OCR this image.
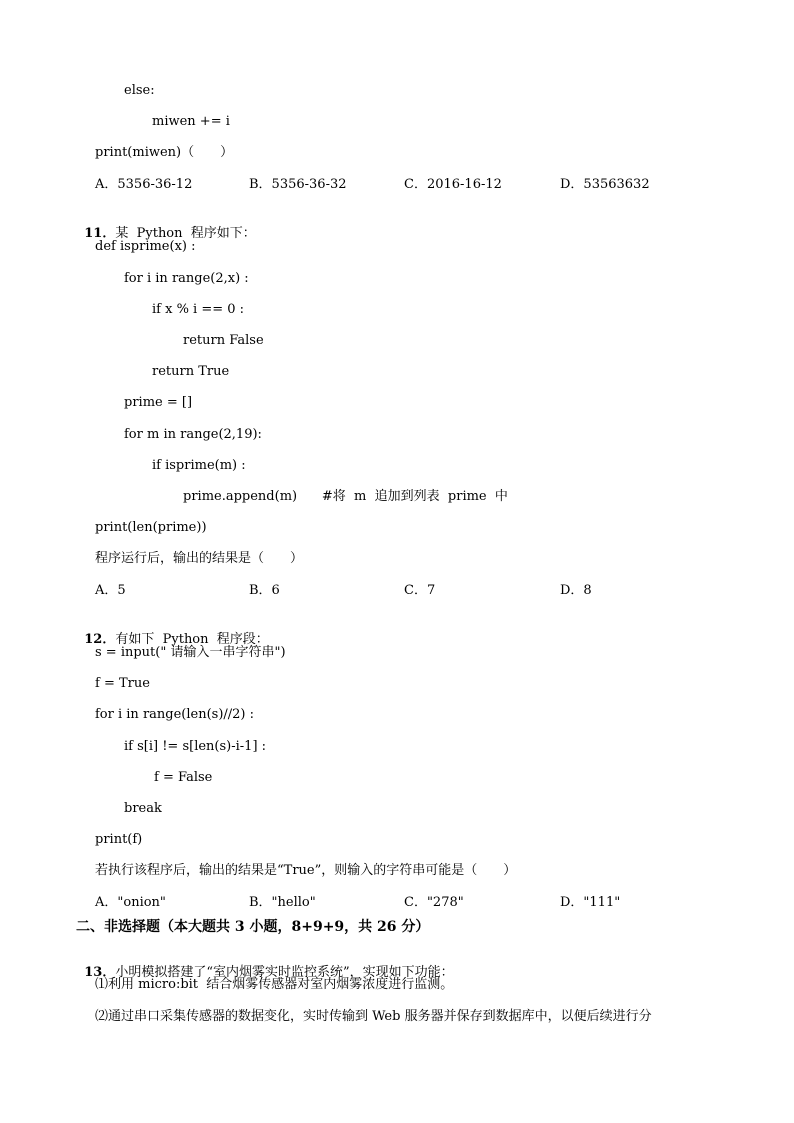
else:
miwen += i
print(miwen)（　　）
A．5356-36-12	B．5356-36-32	C．2016-16-12	D．53563632

11．某  Python  程序如下：

def isprime(x) :
for i in range(2,x) :
if x % i == 0 :
return False
return True
prime = []
for m in range(2,19):
if isprime(m) :
prime.append(m)      #将  m  追加到列表  prime  中
print(len(prime))
程序运行后，输出的结果是（　　）
A．5	B．6	C．7	D．8

12．有如下  Python  程序段：

s = input(" 请输入一串字符串")
f = True
for i in range(len(s)//2) :
if s[i] != s[len(s)-i-1] :
f = False
break
print(f)
若执行该程序后，输出的结果是“True”，则输入的字符串可能是（　　）
A．"onion"	B．"hello"	C．"278"	D．"111"
二、非选择题（本大题共 3 小题，8+9+9，共 26 分）

13．小明模拟搭建了“室内烟雾实时监控系统”，实现如下功能：

⑴利用 micro:bit  结合烟雾传感器对室内烟雾浓度进行监测。
⑵通过串口采集传感器的数据变化，实时传输到 Web 服务器并保存到数据库中，以便后续进行分
